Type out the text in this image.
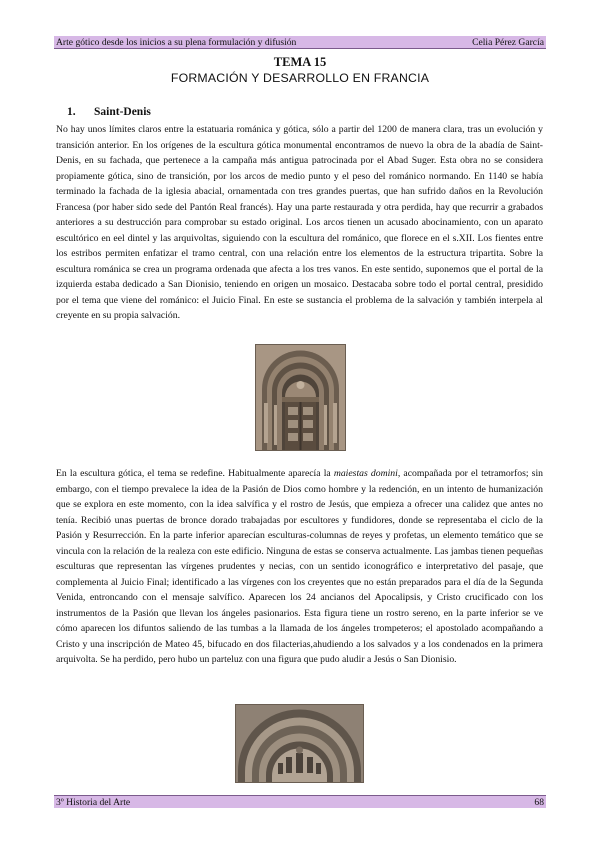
Arte gótico desde los inicios a su plena formulación y difusión	Celia Pérez García
TEMA 15
FORMACIÓN Y DESARROLLO EN FRANCIA
1. Saint-Denis

No hay unos límites claros entre la estatuaria románica y gótica, sólo a partir del 1200 de manera clara, tras un evolución y transición anterior. En los orígenes de la escultura gótica monumental encontramos de nuevo la obra de la abadía de Saint-Denis, en su fachada, que pertenece a la campaña más antigua patrocinada por el Abad Suger. Esta obra no se considera propiamente gótica, sino de transición, por los arcos de medio punto y el peso del románico normando. En 1140 se había terminado la fachada de la iglesia abacial, ornamentada con tres grandes puertas, que han sufrido daños en la Revolución Francesa (por haber sido sede del Pantón Real francés). Hay una parte restaurada y otra perdida, hay que recurrir a grabados anteriores a su destrucción para comprobar su estado original. Los arcos tienen un acusado abocinamiento, con un aparato escultórico en eel dintel y las arquivoltas, siguiendo con la escultura del románico, que florece en el s.XII. Los fientes entre los estribos permiten enfatizar el tramo central, con una relación entre los elementos de la estructura tripartita. Sobre la escultura románica se crea un programa ordenada que afecta a los tres vanos. En este sentido, suponemos que el portal de la izquierda estaba dedicado a San Dionisio, teniendo en origen un mosaico. Destacaba sobre todo el portal central, presidido por el tema que viene del románico: el Juicio Final. En este se sustancia el problema de la salvación y también interpela al creyente en su propia salvación.

En la escultura gótica, el tema se redefine. Habitualmente aparecía la maiestas domini, acompañada por el tetramorfos; sin embargo, con el tiempo prevalece la idea de la Pasión de Dios como hombre y la redención, en un intento de humanización que se explora en este momento, con la idea salvífica y el rostro de Jesús, que empieza a ofrecer una calidez que antes no tenía. Recibió unas puertas de bronce dorado trabajadas por escultores y fundidores, donde se representaba el ciclo de la Pasión y Resurrección. En la parte inferior aparecían esculturas-columnas de reyes y profetas, un elemento temático que se vincula con la relación de la realeza con este edificio. Ninguna de estas se conserva actualmente. Las jambas tienen pequeñas esculturas que representan las vírgenes prudentes y necias, con un sentido iconográfico e interpretativo del pasaje, que complementa al Juicio Final; identificado a las vírgenes con los creyentes que no están preparados para el día de la Segunda Venida, entroncando con el mensaje salvífico. Aparecen los 24 ancianos del Apocalipsis, y Cristo crucificado con los instrumentos de la Pasión que llevan los ángeles pasionarios. Esta figura tiene un rostro sereno, en la parte inferior se ve cómo aparecen los difuntos saliendo de las tumbas a la llamada de los ángeles trompeteros; el apostolado acompañando a Cristo y una inscripción de Mateo 45, bifucado en dos filacterias,ahudiendo a los salvados y a los condenados en la primera arquivolta. Se ha perdido, pero hubo un parteluz con una figura que pudo aludir a Jesús o San Dionisio.

3º Historia del Arte	68
